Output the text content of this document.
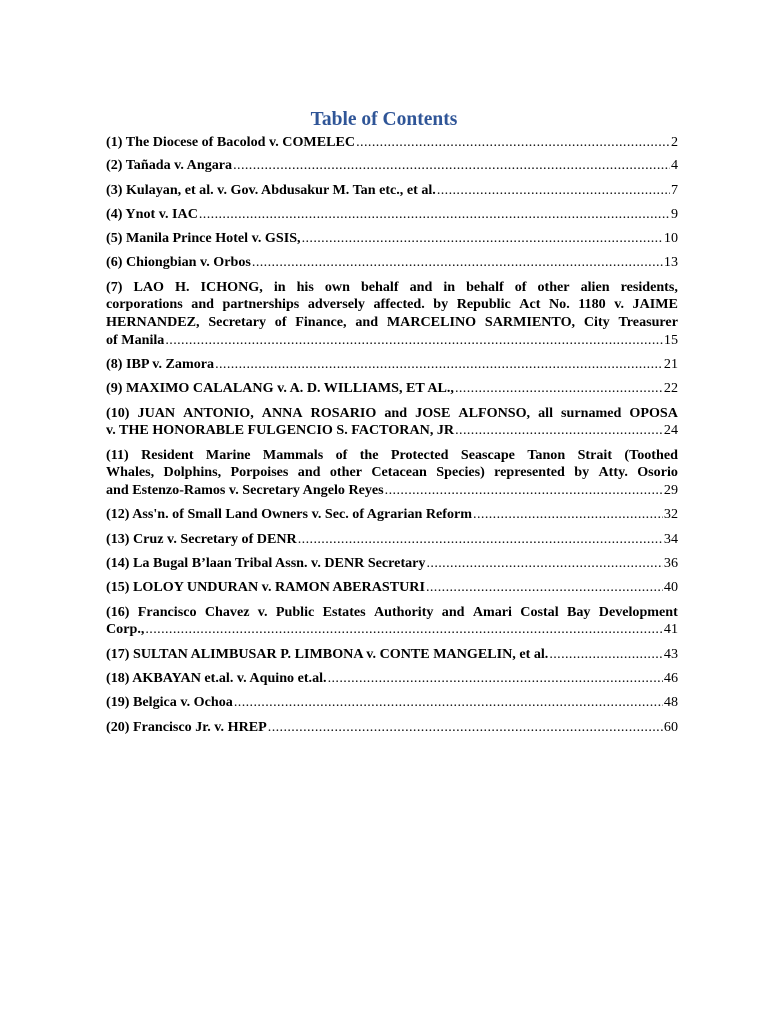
Table of Contents
(1) The Diocese of Bacolod v. COMELEC .....	2
(2) Tañada v. Angara .....	4
(3) Kulayan, et al. v. Gov. Abdusakur M. Tan etc., et al. .....	7
(4) Ynot v. IAC .....	9
(5) Manila Prince Hotel v. GSIS, .....	10
(6) Chiongbian v. Orbos .....	13
(7) LAO H. ICHONG, in his own behalf and in behalf of other alien residents,
corporations and partnerships adversely affected. by Republic Act No. 1180 v. JAIME
HERNANDEZ, Secretary of Finance, and MARCELINO SARMIENTO, City Treasurer
of Manila .....	15
(8) IBP v. Zamora .....	21
(9) MAXIMO CALALANG v. A. D. WILLIAMS, ET AL., .....	22
(10) JUAN ANTONIO, ANNA ROSARIO and JOSE ALFONSO, all surnamed OPOSA
v. THE HONORABLE FULGENCIO S. FACTORAN, JR .....	24
(11) Resident Marine Mammals of the Protected Seascape Tanon Strait (Toothed
Whales, Dolphins, Porpoises and other Cetacean Species) represented by Atty. Osorio
and Estenzo-Ramos v. Secretary Angelo Reyes .....	29
(12) Ass'n. of Small Land Owners v. Sec. of Agrarian Reform .....	32
(13) Cruz v. Secretary of DENR .....	34
(14) La Bugal B’laan Tribal Assn. v. DENR Secretary .....	36
(15) LOLOY UNDURAN v. RAMON ABERASTURI .....	40
(16) Francisco Chavez v. Public Estates Authority and Amari Costal Bay Development
Corp., .....	41
(17) SULTAN ALIMBUSAR P. LIMBONA v. CONTE MANGELIN, et al. .....	43
(18) AKBAYAN et.al. v. Aquino et.al. .....	46
(19) Belgica v. Ochoa .....	48
(20) Francisco Jr. v. HREP .....	60
